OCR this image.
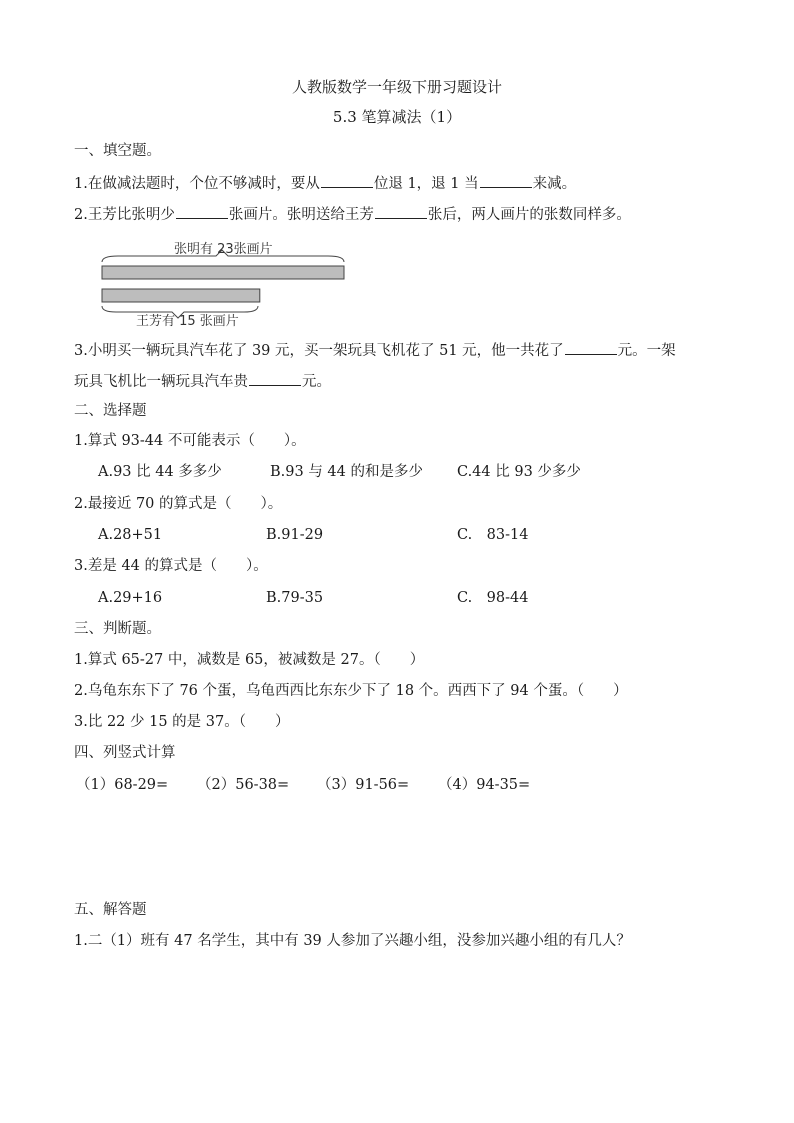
人教版数学一年级下册习题设计
5.3 笔算减法（1）
一、填空题。
1.在做减法题时，个位不够减时，要从	位退 1，退 1 当	来减。
2.王芳比张明少	张画片。张明送给王芳	张后，两人画片的张数同样多。
张明有 23张画片
王芳有 15 张画片
3.小明买一辆玩具汽车花了 39 元，买一架玩具飞机花了 51 元，他一共花了	元。一架
玩具飞机比一辆玩具汽车贵	元。
二、选择题
1.算式 93-44 不可能表示（　　）。
A.93 比 44 多多少	B.93 与 44 的和是多少 C.44 比 93 少多少
2.最接近 70 的算式是（　　）。
A.28+51	B.91-29	C.　83-14
3.差是 44 的算式是（　　）。
A.29+16	B.79-35	C.　98-44
三、判断题。
1.算式 65-27 中，减数是 65，被减数是 27。（　　）
2.乌龟东东下了 76 个蛋，乌龟西西比东东少下了 18 个。西西下了 94 个蛋。（　　）
3.比 22 少 15 的是 37。（　　）
四、列竖式计算
（1）68-29= （2）56-38= （3）91-56= （4）94-35=
五、解答题
1.二（1）班有 47 名学生，其中有 39 人参加了兴趣小组，没参加兴趣小组的有几人？
